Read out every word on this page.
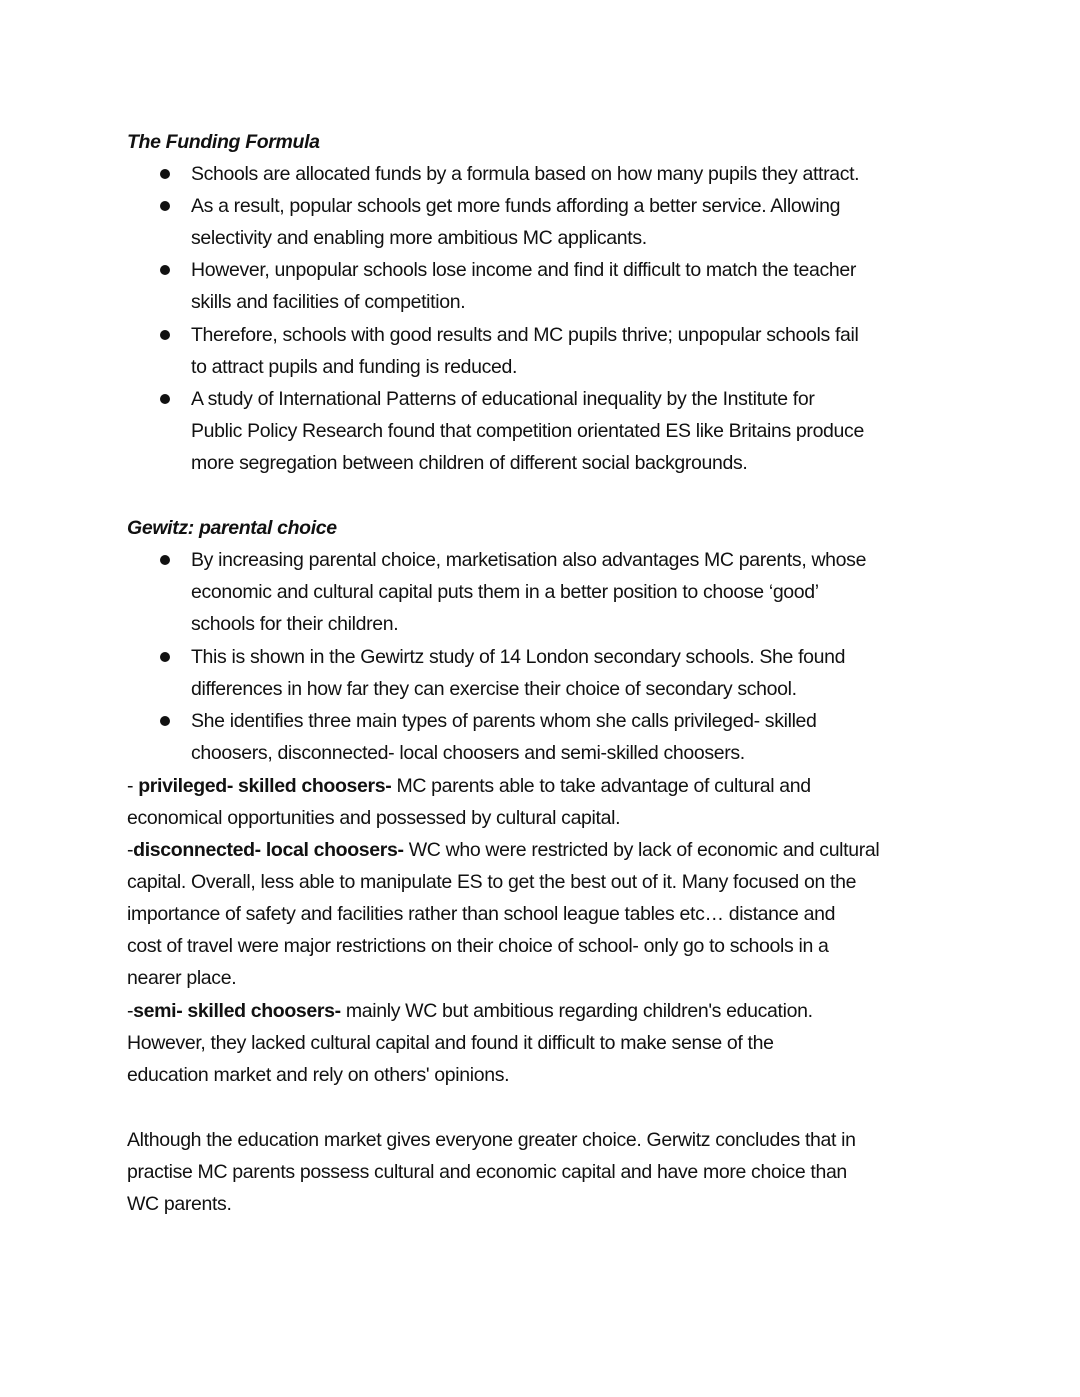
The Funding Formula
Schools are allocated funds by a formula based on how many pupils they attract.
As a result, popular schools get more funds affording a better service. Allowing
selectivity and enabling more ambitious MC applicants.
However, unpopular schools lose income and find it difficult to match the teacher
skills and facilities of competition.
Therefore, schools with good results and MC pupils thrive; unpopular schools fail
to attract pupils and funding is reduced.
A study of International Patterns of educational inequality by the Institute for
Public Policy Research found that competition orientated ES like Britains produce
more segregation between children of different social backgrounds.
Gewitz: parental choice
By increasing parental choice, marketisation also advantages MC parents, whose
economic and cultural capital puts them in a better position to choose ‘good’
schools for their children.
This is shown in the Gewirtz study of 14 London secondary schools. She found
differences in how far they can exercise their choice of secondary school.
She identifies three main types of parents whom she calls privileged- skilled
choosers, disconnected- local choosers and semi-skilled choosers.
- privileged- skilled choosers- MC parents able to take advantage of cultural and
economical opportunities and possessed by cultural capital.
-disconnected- local choosers- WC who were restricted by lack of economic and cultural
capital. Overall, less able to manipulate ES to get the best out of it. Many focused on the
importance of safety and facilities rather than school league tables etc… distance and
cost of travel were major restrictions on their choice of school- only go to schools in a
nearer place.
-semi- skilled choosers- mainly WC but ambitious regarding children's education.
However, they lacked cultural capital and found it difficult to make sense of the
education market and rely on others' opinions.
Although the education market gives everyone greater choice. Gerwitz concludes that in
practise MC parents possess cultural and economic capital and have more choice than
WC parents.
